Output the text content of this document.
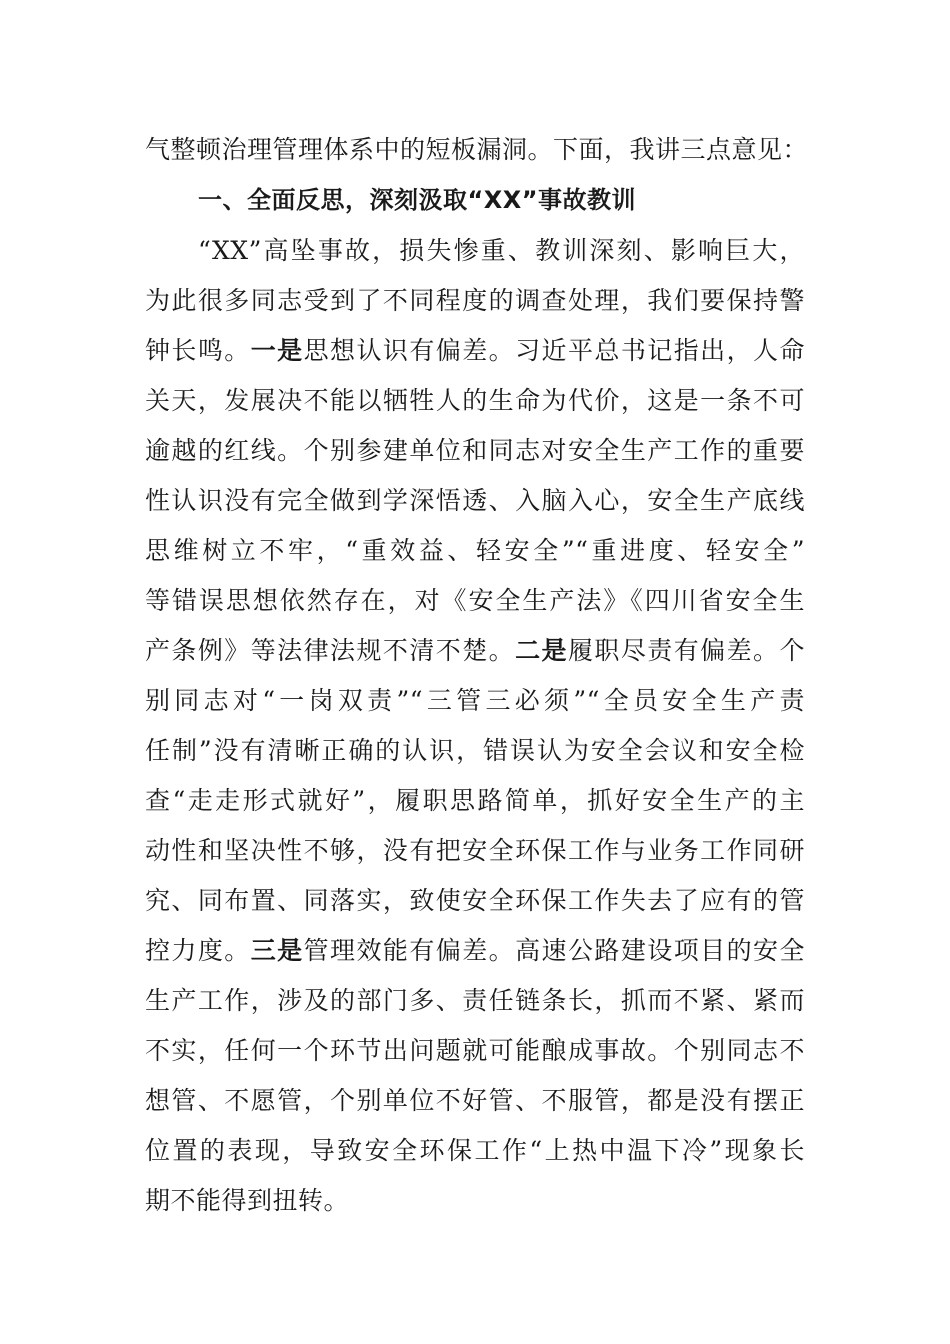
气整顿治理管理体系中的短板漏洞。下面，我讲三点意见：
一、全面反思，深刻汲取“XX”事故教训
“XX”高坠事故，损失惨重、教训深刻、影响巨大，
为此很多同志受到了不同程度的调查处理，我们要保持警
钟长鸣。一是思想认识有偏差。习近平总书记指出，人命
关天，发展决不能以牺牲人的生命为代价，这是一条不可
逾越的红线。个别参建单位和同志对安全生产工作的重要
性认识没有完全做到学深悟透、入脑入心，安全生产底线
思维树立不牢，“重效益、轻安全”“重进度、轻安全”
等错误思想依然存在，对《安全生产法》《四川省安全生
产条例》等法律法规不清不楚。二是履职尽责有偏差。个
别同志对“一岗双责”“三管三必须”“全员安全生产责
任制”没有清晰正确的认识，错误认为安全会议和安全检
查“走走形式就好”，履职思路简单，抓好安全生产的主
动性和坚决性不够，没有把安全环保工作与业务工作同研
究、同布置、同落实，致使安全环保工作失去了应有的管
控力度。三是管理效能有偏差。高速公路建设项目的安全
生产工作，涉及的部门多、责任链条长，抓而不紧、紧而
不实，任何一个环节出问题就可能酿成事故。个别同志不
想管、不愿管，个别单位不好管、不服管，都是没有摆正
位置的表现，导致安全环保工作“上热中温下冷”现象长
期不能得到扭转。
